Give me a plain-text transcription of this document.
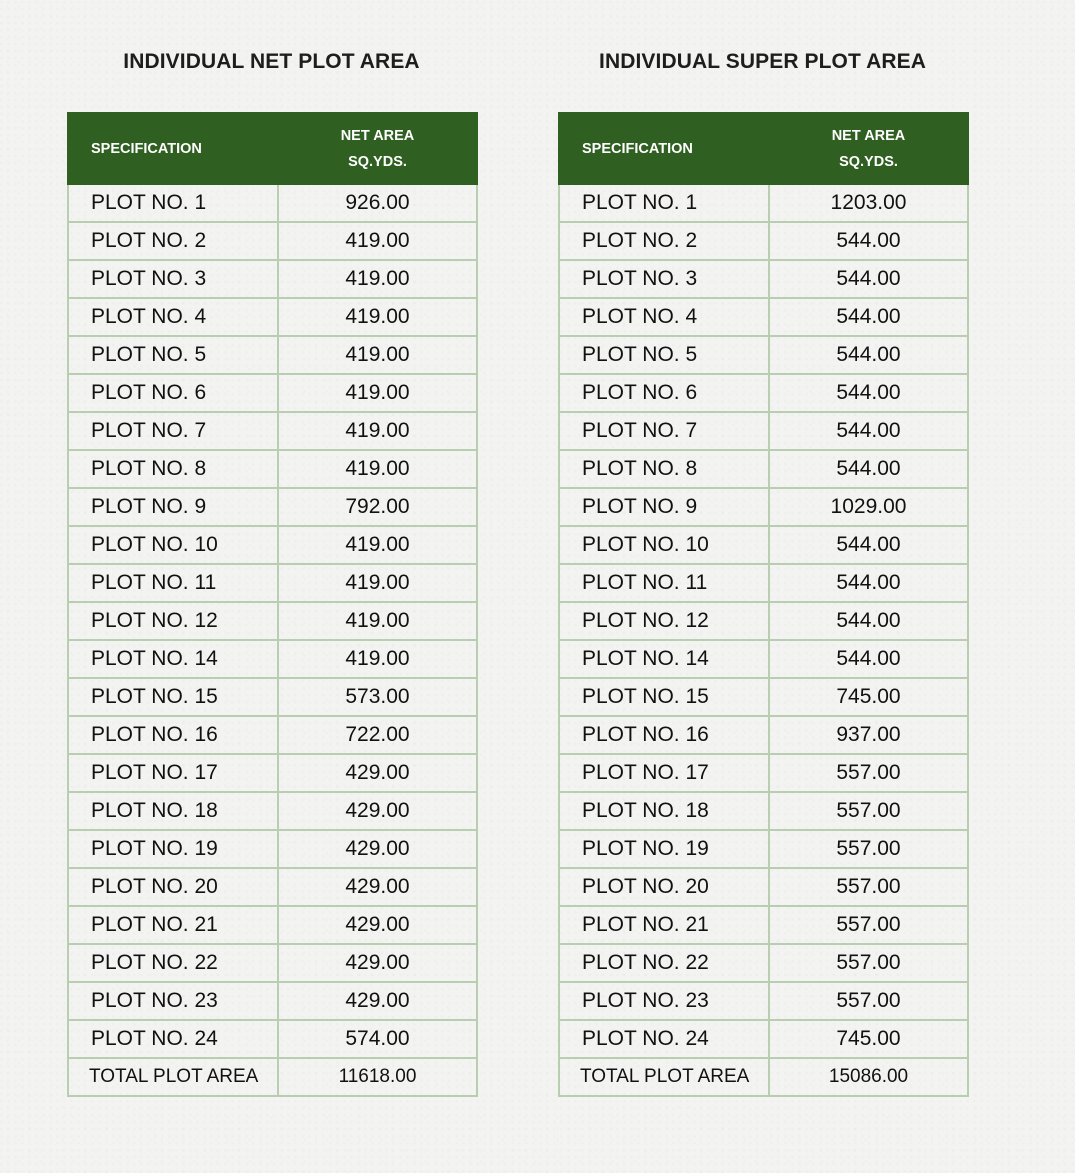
INDIVIDUAL NET PLOT AREA
SPECIFICATION	NET AREA
SQ.YDS.

PLOT NO. 1	926.00
PLOT NO. 2	419.00
PLOT NO. 3	419.00
PLOT NO. 4	419.00
PLOT NO. 5	419.00
PLOT NO. 6	419.00
PLOT NO. 7	419.00
PLOT NO. 8	419.00
PLOT NO. 9	792.00
PLOT NO. 10	419.00
PLOT NO. 11	419.00
PLOT NO. 12	419.00
PLOT NO. 14	419.00
PLOT NO. 15	573.00
PLOT NO. 16	722.00
PLOT NO. 17	429.00
PLOT NO. 18	429.00
PLOT NO. 19	429.00
PLOT NO. 20	429.00
PLOT NO. 21	429.00
PLOT NO. 22	429.00
PLOT NO. 23	429.00
PLOT NO. 24	574.00
TOTAL PLOT AREA	11618.00
INDIVIDUAL SUPER PLOT AREA
SPECIFICATION	NET AREA
SQ.YDS.

PLOT NO. 1	1203.00
PLOT NO. 2	544.00
PLOT NO. 3	544.00
PLOT NO. 4	544.00
PLOT NO. 5	544.00
PLOT NO. 6	544.00
PLOT NO. 7	544.00
PLOT NO. 8	544.00
PLOT NO. 9	1029.00
PLOT NO. 10	544.00
PLOT NO. 11	544.00
PLOT NO. 12	544.00
PLOT NO. 14	544.00
PLOT NO. 15	745.00
PLOT NO. 16	937.00
PLOT NO. 17	557.00
PLOT NO. 18	557.00
PLOT NO. 19	557.00
PLOT NO. 20	557.00
PLOT NO. 21	557.00
PLOT NO. 22	557.00
PLOT NO. 23	557.00
PLOT NO. 24	745.00
TOTAL PLOT AREA	15086.00
